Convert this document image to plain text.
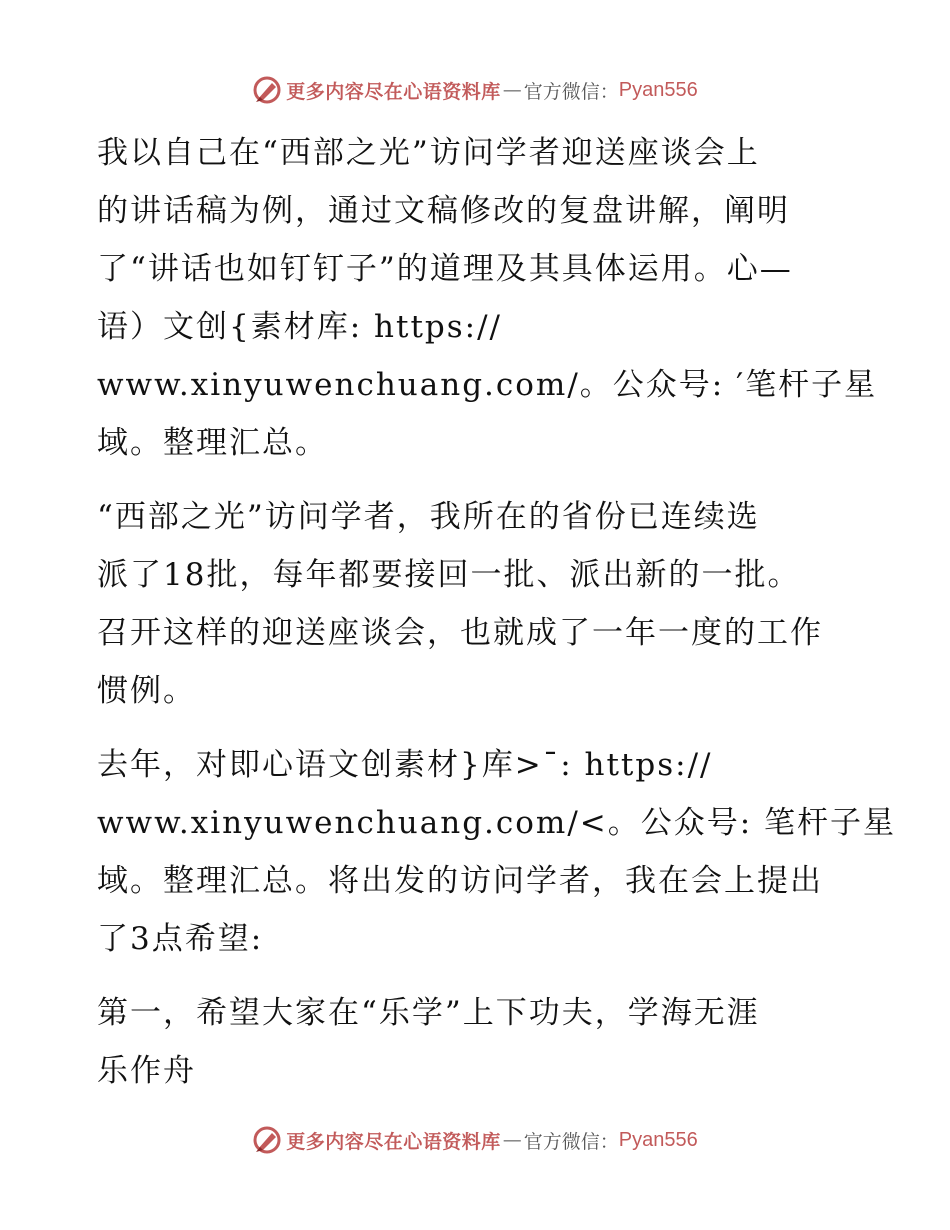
更多内容尽在心语资料库 — 官方微信： Pyan556
我以自己在“西部之光”访问学者迎送座谈会上
的讲话稿为例，通过文稿修改的复盘讲解，阐明
了“讲话也如钉钉子”的道理及其具体运用。心—
语）文创{素材库: https://
www.xinyuwenchuang.com/。公众号: ′笔杆子星
域。整理汇总。
“西部之光”访问学者，我所在的省份已连续选
派了18批，每年都要接回一批、派出新的一批。
召开这样的迎送座谈会，也就成了一年一度的工作
惯例。
去年，对即心语文创素材}库>¯: https://
www.xinyuwenchuang.com/<。公众号: 笔杆子星
域。整理汇总。将出发的访问学者，我在会上提出
了3点希望:
第一，希望大家在“乐学”上下功夫，学海无涯
乐作舟
更多内容尽在心语资料库 — 官方微信： Pyan556
